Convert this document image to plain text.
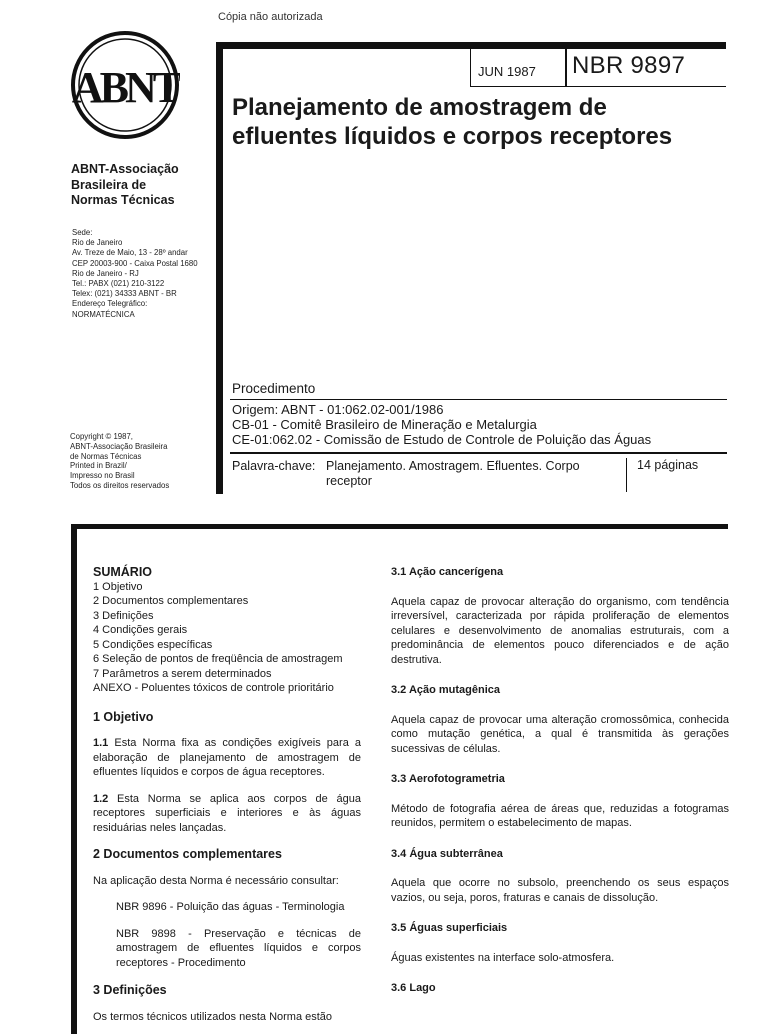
Cópia não autorizada
ABNT
ABNT-Associação
Brasileira de
Normas Técnicas
Sede:
Rio de Janeiro
Av. Treze de Maio, 13 - 28º andar
CEP 20003-900 - Caixa Postal 1680
Rio de Janeiro - RJ
Tel.: PABX (021) 210-3122
Telex: (021) 34333 ABNT - BR
Endereço Telegráfico:
NORMATÉCNICA
Copyright © 1987,
ABNT-Associação Brasileira
de Normas Técnicas
Printed in Brazil/
Impresso no Brasil
Todos os direitos reservados
JUN 1987 NBR 9897
Planejamento de amostragem de
efluentes líquidos e corpos receptores
Procedimento
Origem: ABNT - 01:062.02-001/1986
CB-01 - Comitê Brasileiro de Mineração e Metalurgia
CE-01:062.02 - Comissão de Estudo de Controle de Poluição das Águas
Palavra-chave: Planejamento. Amostragem. Efluentes. Corpo receptor
14 páginas
SUMÁRIO
1 Objetivo
2 Documentos complementares
3 Definições
4 Condições gerais
5 Condições específicas
6 Seleção de pontos de freqüência de amostragem
7 Parâmetros a serem determinados
ANEXO - Poluentes tóxicos de controle prioritário
1 Objetivo

1.1 Esta Norma fixa as condições exigíveis para a elaboração de planejamento de amostragem de efluentes líquidos e corpos de água receptores.

1.2 Esta Norma se aplica aos corpos de água receptores superficiais e interiores e às águas residuárias neles lançadas.

2 Documentos complementares

Na aplicação desta Norma é necessário consultar:

NBR 9896 - Poluição das águas - Terminologia

NBR 9898 - Preservação e técnicas de amostragem de efluentes líquidos e corpos receptores - Procedimento

3 Definições

Os termos técnicos utilizados nesta Norma estão

3.1 Ação cancerígena

Aquela capaz de provocar alteração do organismo, com tendência irreversível, caracterizada por rápida proliferação de elementos celulares e desenvolvimento de anomalias estruturais, com a predominância de elementos pouco diferenciados e de ação destrutiva.

3.2 Ação mutagênica

Aquela capaz de provocar uma alteração cromossômica, conhecida como mutação genética, a qual é transmitida às gerações sucessivas de células.

3.3 Aerofotogrametria

Método de fotografia aérea de áreas que, reduzidas a fotogramas reunidos, permitem o estabelecimento de mapas.

3.4 Água subterrânea

Aquela que ocorre no subsolo, preenchendo os seus espaços vazios, ou seja, poros, fraturas e canais de dissolução.

3.5 Águas superficiais

Águas existentes na interface solo-atmosfera.

3.6 Lago
